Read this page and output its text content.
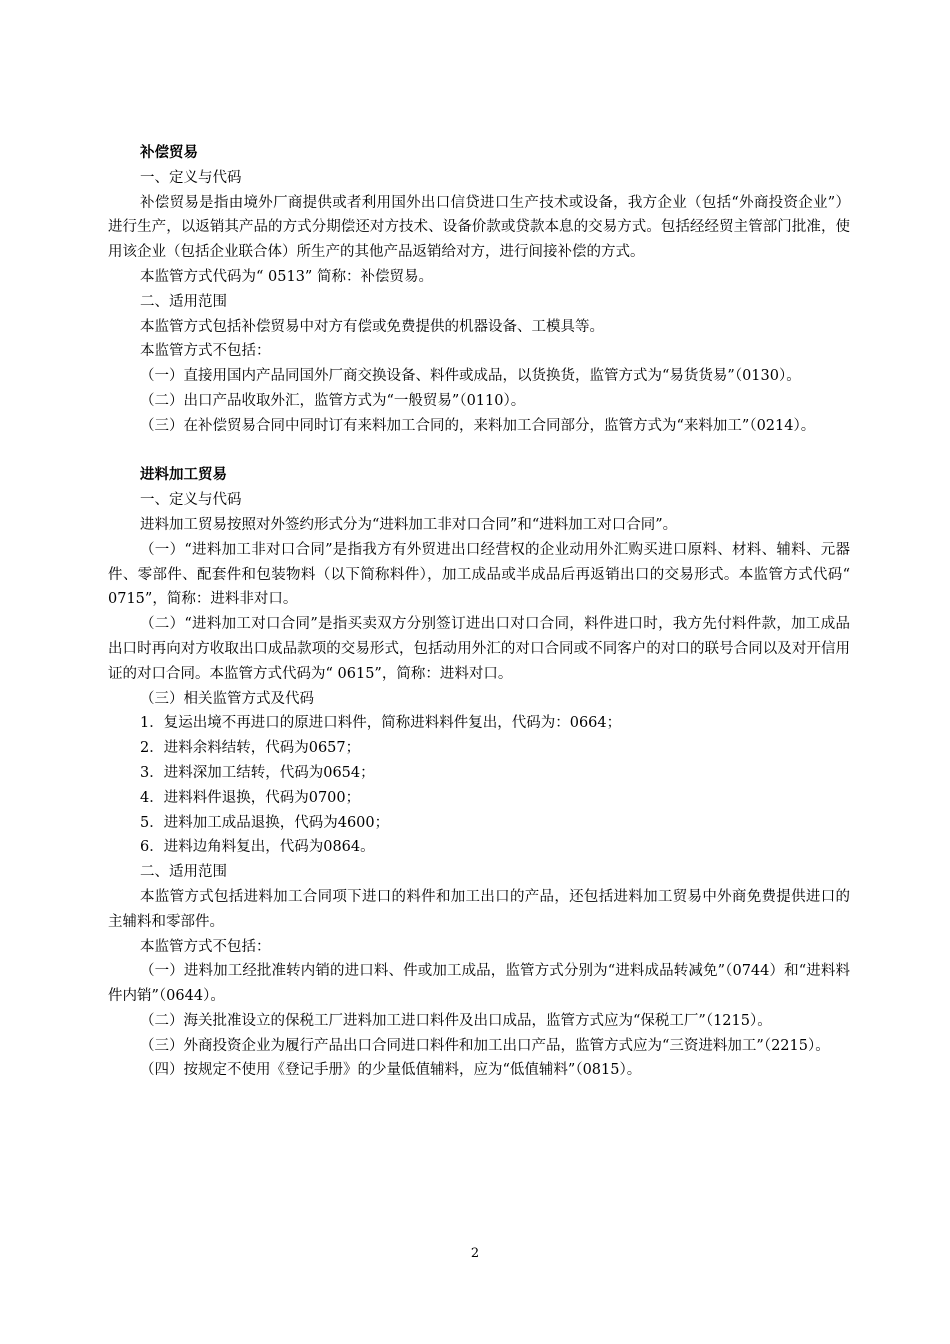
补偿贸易

一、定义与代码

补偿贸易是指由境外厂商提供或者利用国外出口信贷进口生产技术或设备，我方企业（包括“外商投资企业”）进行生产，以返销其产品的方式分期偿还对方技术、设备价款或贷款本息的交易方式。包括经经贸主管部门批准，使用该企业（包括企业联合体）所生产的其他产品返销给对方，进行间接补偿的方式。

本监管方式代码为“ 0513” 简称：补偿贸易。

二、适用范围

本监管方式包括补偿贸易中对方有偿或免费提供的机器设备、工模具等。

本监管方式不包括：

（一）直接用国内产品同国外厂商交换设备、料件或成品，以货换货，监管方式为“易货货易”（0130）。

（二）出口产品收取外汇，监管方式为“一般贸易”（0110）。

（三）在补偿贸易合同中同时订有来料加工合同的，来料加工合同部分，监管方式为“来料加工”（0214）。

进料加工贸易

一、定义与代码

进料加工贸易按照对外签约形式分为“进料加工非对口合同”和“进料加工对口合同”。

（一）“进料加工非对口合同”是指我方有外贸进出口经营权的企业动用外汇购买进口原料、材料、辅料、元器件、零部件、配套件和包装物料（以下简称料件），加工成品或半成品后再返销出口的交易形式。本监管方式代码“ 0715”，简称：进料非对口。

（二）“进料加工对口合同”是指买卖双方分别签订进出口对口合同，料件进口时，我方先付料件款，加工成品出口时再向对方收取出口成品款项的交易形式，包括动用外汇的对口合同或不同客户的对口的联号合同以及对开信用证的对口合同。本监管方式代码为“ 0615”，简称：进料对口。

（三）相关监管方式及代码

1．复运出境不再进口的原进口料件，简称进料料件复出，代码为：0664；

2．进料余料结转，代码为0657；

3．进料深加工结转，代码为0654；

4．进料料件退换，代码为0700；

5．进料加工成品退换，代码为4600；

6．进料边角料复出，代码为0864。

二、适用范围

本监管方式包括进料加工合同项下进口的料件和加工出口的产品，还包括进料加工贸易中外商免费提供进口的主辅料和零部件。

本监管方式不包括：

（一）进料加工经批准转内销的进口料、件或加工成品，监管方式分别为“进料成品转减免”（0744）和“进料料件内销”（0644）。

（二）海关批准设立的保税工厂进料加工进口料件及出口成品，监管方式应为“保税工厂”（1215）。

（三）外商投资企业为履行产品出口合同进口料件和加工出口产品，监管方式应为“三资进料加工”（2215）。

（四）按规定不使用《登记手册》的少量低值辅料，应为“低值辅料”（0815）。

2
